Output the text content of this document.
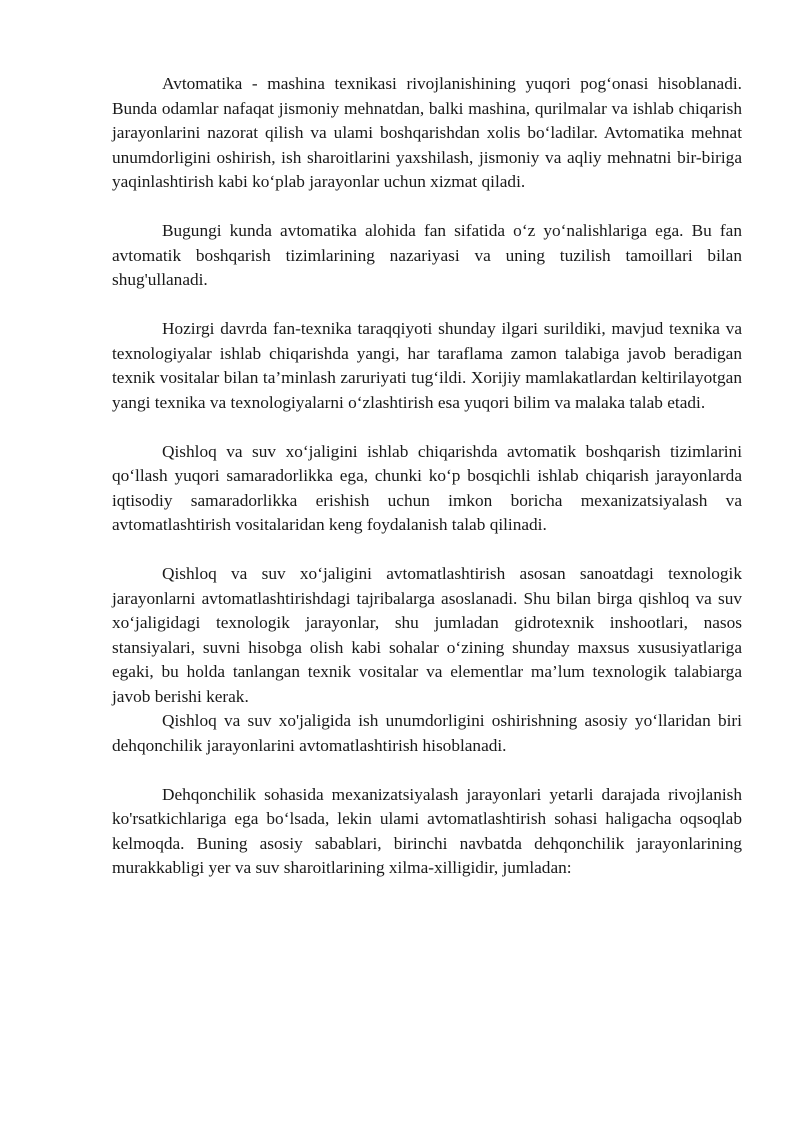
Avtomatika - mashina texnikasi rivojlanishining yuqori pog‘onasi hisoblanadi. Bunda odamlar nafaqat jismoniy mehnatdan, balki mashina, qurilmalar va ishlab chiqarish jarayonlarini nazorat qilish va ulami boshqarishdan xolis bo‘ladilar. Avtomatika mehnat unumdorligini oshirish, ish sharoitlarini yaxshilash, jismoniy va aqliy mehnatni bir-biriga yaqinlashtirish kabi ko‘plab jarayonlar uchun xizmat qiladi.

Bugungi kunda avtomatika alohida fan sifatida o‘z yo‘nalishlariga ega. Bu fan avtomatik boshqarish tizimlarining nazariyasi va uning tuzilish tamoillari bilan shug'ullanadi.

Hozirgi davrda fan-texnika taraqqiyoti shunday ilgari surildiki, mavjud texnika va texnologiyalar ishlab chiqarishda yangi, har taraflama zamon talabiga javob beradigan texnik vositalar bilan ta’minlash zaruriyati tug‘ildi. Xorijiy mamlakatlardan keltirilayotgan yangi texnika va texnologiyalarni o‘zlashtirish esa yuqori bilim va malaka talab etadi.

Qishloq va suv xo‘jaligini ishlab chiqarishda avtomatik boshqarish tizimlarini qo‘llash yuqori samaradorlikka ega, chunki ko‘p bosqichli ishlab chiqarish jarayonlarda iqtisodiy samaradorlikka erishish uchun imkon boricha mexanizatsiyalash va avtomatlashtirish vositalaridan keng foydalanish talab qilinadi.

Qishloq va suv xo‘jaligini avtomatlashtirish asosan sanoatdagi texnologik jarayonlarni avtomatlashtirishdagi tajribalarga asoslanadi. Shu bilan birga qishloq va suv xo‘jaligidagi texnologik jarayonlar, shu jumladan gidrotexnik inshootlari, nasos stansiyalari, suvni hisobga olish kabi sohalar o‘zining shunday maxsus xususiyatlariga egaki, bu holda tanlangan texnik vositalar va elementlar ma’lum texnologik talabiarga javob berishi kerak.

Qishloq va suv xo'jaligida ish unumdorligini oshirishning asosiy yo‘llaridan biri dehqonchilik jarayonlarini avtomatlashtirish hisoblanadi.

Dehqonchilik sohasida mexanizatsiyalash jarayonlari yetarli darajada rivojlanish ko'rsatkichlariga ega bo‘lsada, lekin ulami avtomatlashtirish sohasi haligacha oqsoqlab kelmoqda. Buning asosiy sabablari, birinchi navbatda dehqonchilik jarayonlarining murakkabligi yer va suv sharoitlarining xilma-xilligidir, jumladan:
